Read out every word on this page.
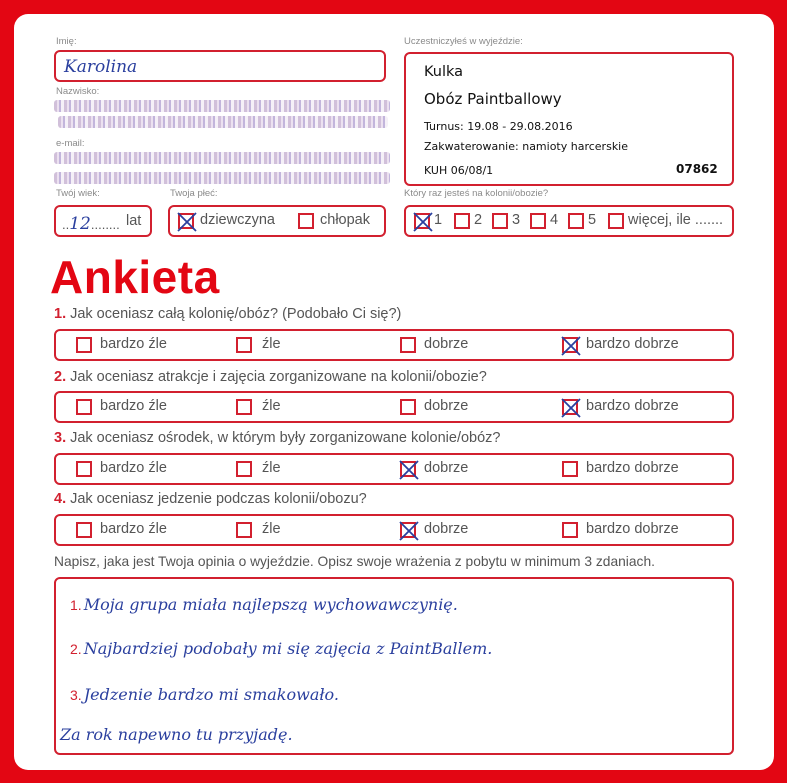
Imię:
Karolina
Nazwisko:
e-mail:
Twój wiek:
..12........ lat
Twoja płeć:
dziewczyna	chłopak
Uczestniczyłeś w wyjeździe:
Kulka
Obóz Paintballowy
Turnus: 19.08 - 29.08.2016
Zakwaterowanie: namioty harcerskie
KUH 06/08/1	07862
Który raz jesteś na kolonii/obozie?
1 2 3 4 5 więcej, ile .......
Ankieta
1. Jak oceniasz całą kolonię/obóz? (Podobało Ci się?)
bardzo źle	źle	dobrze	bardzo dobrze
2. Jak oceniasz atrakcje i zajęcia zorganizowane na kolonii/obozie?
bardzo źle	źle	dobrze	bardzo dobrze
3. Jak oceniasz ośrodek, w którym były zorganizowane kolonie/obóz?
bardzo źle	źle	dobrze	bardzo dobrze
4. Jak oceniasz jedzenie podczas kolonii/obozu?
bardzo źle	źle	dobrze	bardzo dobrze
Napisz, jaka jest Twoja opinia o wyjeździe. Opisz swoje wrażenia z pobytu w minimum 3 zdaniach.
1. Moja grupa miała najlepszą wychowawczynię.
2. Najbardziej podobały mi się zajęcia z PaintBallem.
3. Jedzenie bardzo mi smakowało.
Za rok napewno tu przyjadę.
